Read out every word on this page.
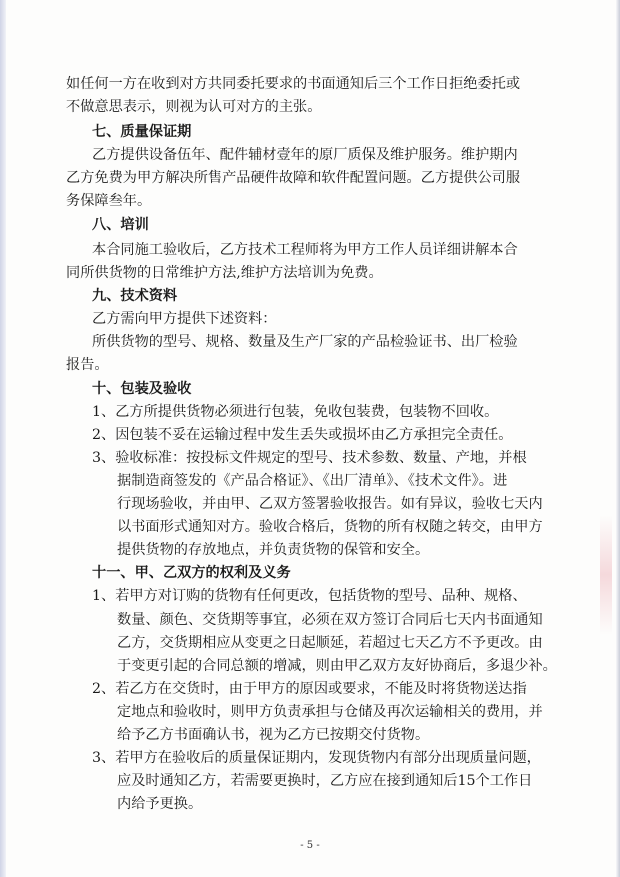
如任何一方在收到对方共同委托要求的书面通知后三个工作日拒绝委托或
不做意思表示，则视为认可对方的主张。
七、质量保证期
乙方提供设备伍年、配件辅材壹年的原厂质保及维护服务。维护期内
乙方免费为甲方解决所售产品硬件故障和软件配置问题。乙方提供公司服
务保障叁年。
八、培训
本合同施工验收后，乙方技术工程师将为甲方工作人员详细讲解本合
同所供货物的日常维护方法,维护方法培训为免费。
九、技术资料
乙方需向甲方提供下述资料：
所供货物的型号、规格、数量及生产厂家的产品检验证书、出厂检验
报告。
十、包装及验收
1、乙方所提供货物必须进行包装，免收包装费，包装物不回收。
2、因包装不妥在运输过程中发生丢失或损坏由乙方承担完全责任。
3、验收标准：按投标文件规定的型号、技术参数、数量、产地，并根
据制造商签发的《产品合格证》、《出厂清单》、《技术文件》。进
行现场验收，并由甲、乙双方签署验收报告。如有异议，验收七天内
以书面形式通知对方。验收合格后，货物的所有权随之转交，由甲方
提供货物的存放地点，并负责货物的保管和安全。
十一、甲、乙双方的权利及义务
1、若甲方对订购的货物有任何更改，包括货物的型号、品种、规格、
数量、颜色、交货期等事宜，必须在双方签订合同后七天内书面通知
乙方，交货期相应从变更之日起顺延，若超过七天乙方不予更改。由
于变更引起的合同总额的增减，则由甲乙双方友好协商后，多退少补。
2、若乙方在交货时，由于甲方的原因或要求，不能及时将货物送达指
定地点和验收时，则甲方负责承担与仓储及再次运输相关的费用，并
给予乙方书面确认书，视为乙方已按期交付货物。
3、若甲方在验收后的质量保证期内，发现货物内有部分出现质量问题，
应及时通知乙方，若需要更换时，乙方应在接到通知后15个工作日
内给予更换。
- 5 -
